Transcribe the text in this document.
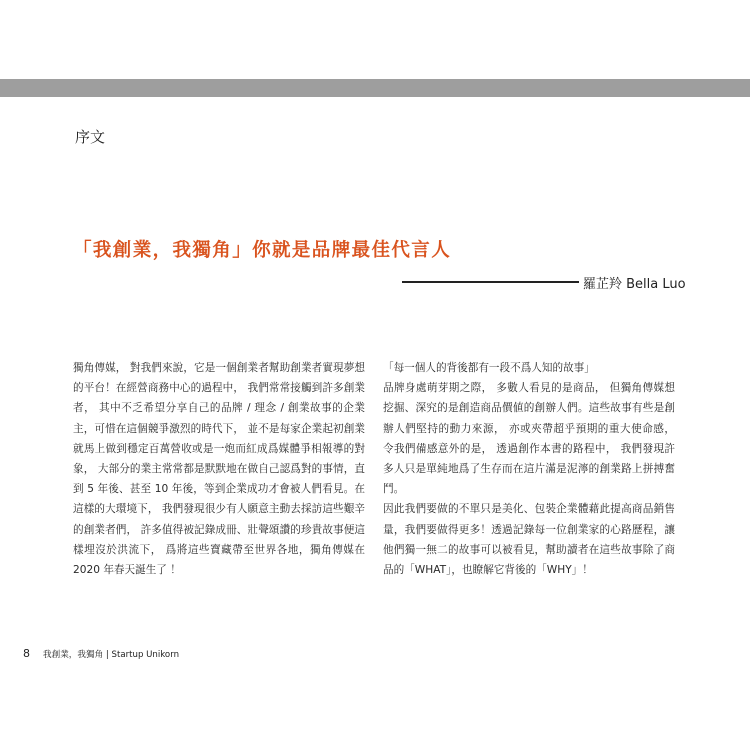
序文
「我創業，我獨角」你就是品牌最佳代言人
羅芷羚 Bella Luo

獨角傳媒， 對我們來說，它是一個創業者幫助創業者實現夢想的平台！在經營商務中心的過程中， 我們常常接觸到許多創業者， 其中不乏希望分享自己的品牌 / 理念 / 創業故事的企業主，可惜在這個競爭激烈的時代下， 並不是每家企業起初創業就馬上做到穩定百萬營收或是一炮而紅成爲媒體爭相報導的對象， 大部分的業主常常都是默默地在做自己認爲對的事情，直到 5 年後、甚至 10 年後，等到企業成功才會被人們看見。在這樣的大環境下， 我們發現很少有人願意主動去採訪這些艱辛的創業者們， 許多值得被記錄成冊、壯聲頌讚的珍貴故事便這樣埋沒於洪流下， 爲將這些寶藏帶至世界各地，獨角傳媒在 2020 年春天誕生了 ！

「每一個人的背後都有一段不爲人知的故事」

品牌身處萌芽期之際， 多數人看見的是商品， 但獨角傳媒想挖掘、深究的是創造商品價値的創辦人們。這些故事有些是創辦人們堅持的動力來源， 亦或夾帶超乎預期的重大使命感， 令我們備感意外的是， 透過創作本書的路程中， 我們發現許多人只是單純地爲了生存而在這片滿是泥濘的創業路上拼搏奮鬥。

因此我們要做的不單只是美化、包裝企業體藉此提高商品銷售量，我們要做得更多！透過記錄每一位創業家的心路歷程，讓他們獨一無二的故事可以被看見，幫助讀者在這些故事除了商品的「WHAT」，也瞭解它背後的「WHY」！

8 我創業，我獨角 | Startup Unikorn
